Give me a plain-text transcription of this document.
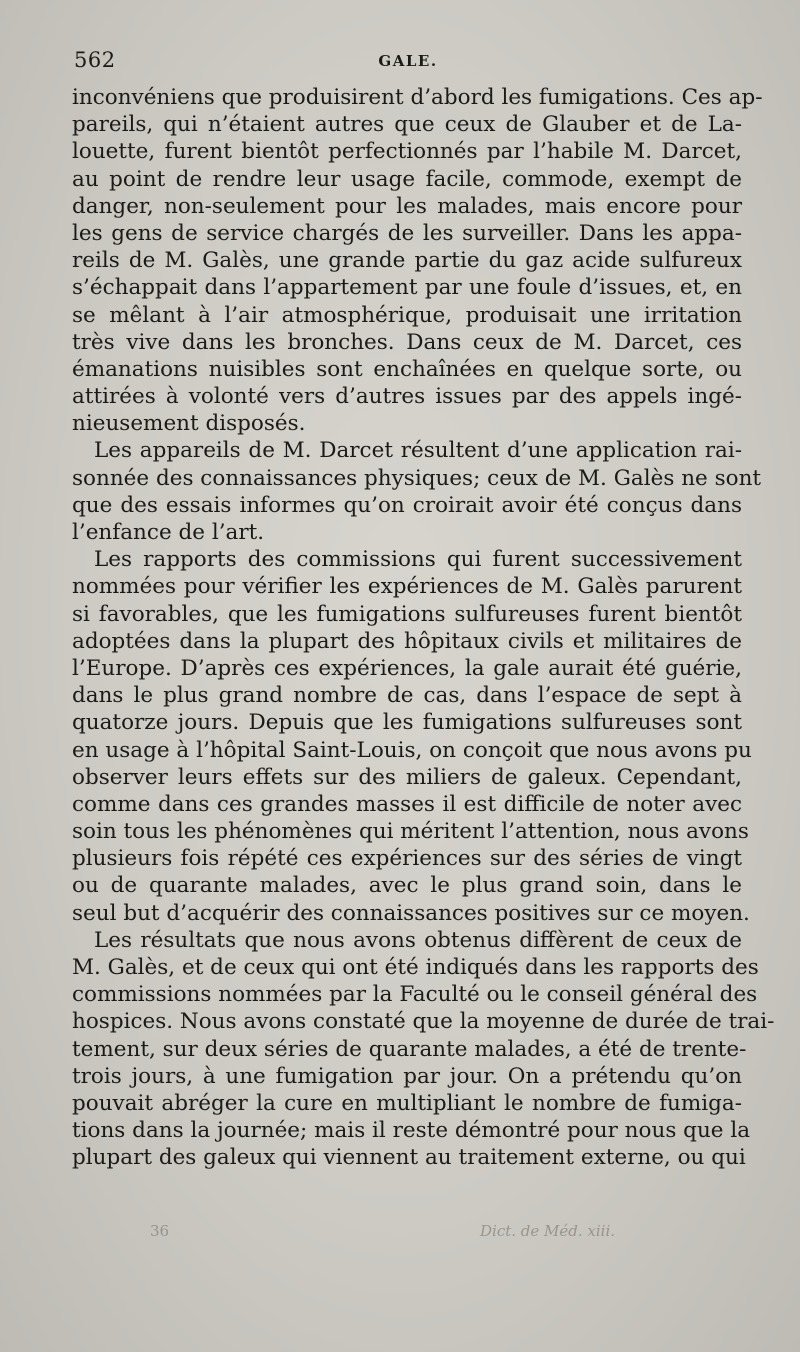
562	GALE.
inconvéniens que produisirent d’abord les fumigations. Ces ap-
pareils, qui n’étaient autres que ceux de Glauber et de La-
louette, furent bientôt perfectionnés par l’habile M. Darcet,
au point de rendre leur usage facile, commode, exempt de
danger, non-seulement pour les malades, mais encore pour
les gens de service chargés de les surveiller. Dans les appa-
reils de M. Galès, une grande partie du gaz acide sulfureux
s’échappait dans l’appartement par une foule d’issues, et, en
se mêlant à l’air atmosphérique, produisait une irritation
très vive dans les bronches. Dans ceux de M. Darcet, ces
émanations nuisibles sont enchaînées en quelque sorte, ou
attirées à volonté vers d’autres issues par des appels ingé-
nieusement disposés.
Les appareils de M. Darcet résultent d’une application rai-
sonnée des connaissances physiques; ceux de M. Galès ne sont
que des essais informes qu’on croirait avoir été conçus dans
l’enfance de l’art.
Les rapports des commissions qui furent successivement
nommées pour vérifier les expériences de M. Galès parurent
si favorables, que les fumigations sulfureuses furent bientôt
adoptées dans la plupart des hôpitaux civils et militaires de
l’Europe. D’après ces expériences, la gale aurait été guérie,
dans le plus grand nombre de cas, dans l’espace de sept à
quatorze jours. Depuis que les fumigations sulfureuses sont
en usage à l’hôpital Saint-Louis, on conçoit que nous avons pu
observer leurs effets sur des miliers de galeux. Cependant,
comme dans ces grandes masses il est difficile de noter avec
soin tous les phénomènes qui méritent l’attention, nous avons
plusieurs fois répété ces expériences sur des séries de vingt
ou de quarante malades, avec le plus grand soin, dans le
seul but d’acquérir des connaissances positives sur ce moyen.
Les résultats que nous avons obtenus diffèrent de ceux de
M. Galès, et de ceux qui ont été indiqués dans les rapports des
commissions nommées par la Faculté ou le conseil général des
hospices. Nous avons constaté que la moyenne de durée de trai-
tement, sur deux séries de quarante malades, a été de trente-
trois jours, à une fumigation par jour. On a prétendu qu’on
pouvait abréger la cure en multipliant le nombre de fumiga-
tions dans la journée; mais il reste démontré pour nous que la
plupart des galeux qui viennent au traitement externe, ou qui
36	Dict. de Méd. xiii.
